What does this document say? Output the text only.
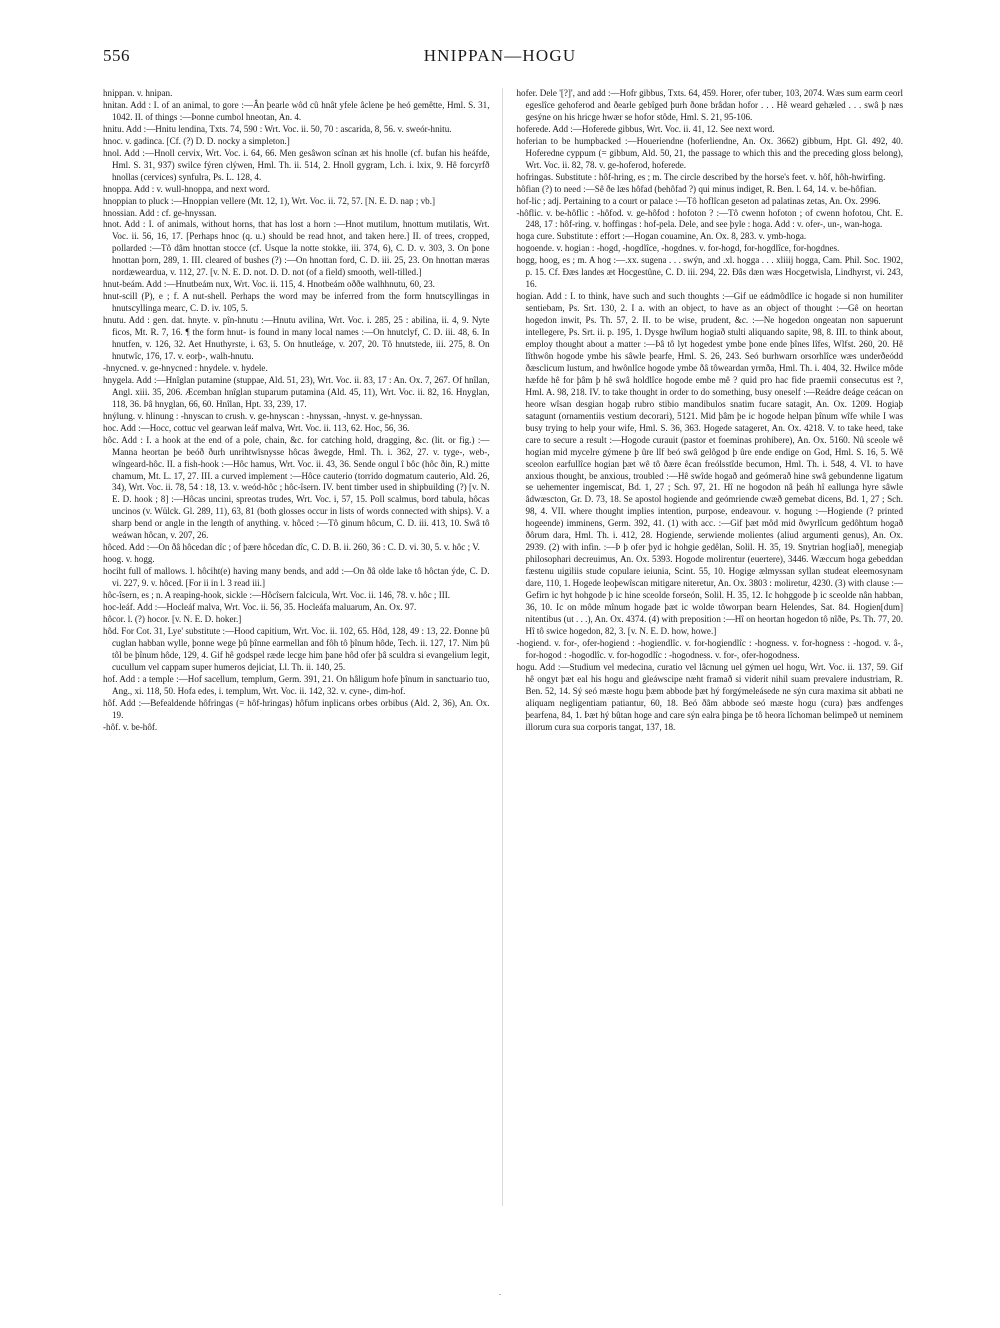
556	HNIPPAN—HOGU

hnippan. v. hnipan.

hnitan. Add : I. of an animal, to gore :—Ân þearle wôd cû hnât yfele âclene þe heó gemêtte, Hml. S. 31, 1042. II. of things :—Þonne cumbol hneotan, An. 4.

hnitu. Add :—Hnitu lendina, Txts. 74, 590 : Wrt. Voc. ii. 50, 70 : ascarida, 8, 56. v. sweór-hnitu.

hnoc. v. gadinca. [Cf. (?) D. D. nocky a simpleton.]

hnol. Add :—Hnoll cervix, Wrt. Voc. i. 64, 66. Men gesâwon scînan æt his hnolle (cf. bufan his heáfde, Hml. S. 31, 937) swilce fýren clýwen, Hml. Th. ii. 514, 2. Hnoll gygram, Lch. i. lxix, 9. Hê forcyrfð hnollas (cervices) synfulra, Ps. L. 128, 4.

hnoppa. Add : v. wull-hnoppa, and next word.

hnoppian to pluck :—Hnoppian vellere (Mt. 12, 1), Wrt. Voc. ii. 72, 57. [N. E. D. nap ; vb.]

hnossian. Add : cf. ge-hnyssan.

hnot. Add : I. of animals, without horns, that has lost a horn :—Hnot mutilum, hnottum mutilatis, Wrt. Voc. ii. 56, 16, 17. [Perhaps hnoc (q. u.) should be read hnot, and taken here.] II. of trees, cropped, pollarded :—Tô dâm hnottan stocce (cf. Usque la notte stokke, iii. 374, 6), C. D. v. 303, 3. On þone hnottan þorn, 289, 1. III. cleared of bushes (?) :—On hnottan ford, C. D. iii. 25, 23. On hnottan mæras nordæweardua, v. 112, 27. [v. N. E. D. not. D. D. not (of a field) smooth, well-tilled.]

hnut-beám. Add :—Hnutbeám nux, Wrt. Voc. ii. 115, 4. Hnotbeám oððe walhhnutu, 60, 23.

hnut-scill (P), e ; f. A nut-shell. Perhaps the word may be inferred from the form hnutscyllingas in hnutscyllinga mearc, C. D. iv. 105, 5.

hnutu. Add : gen. dat. hnyte. v. pîn-hnutu :—Hnutu avilina, Wrt. Voc. i. 285, 25 : abilina, ii. 4, 9. Nyte ficos, Mt. R. 7, 16. ¶ the form hnut- is found in many local names :—On hnutclyf, C. D. iii. 48, 6. In hnutfen, v. 126, 32. Aet Hnuthyrste, i. 63, 5. On hnutleáge, v. 207, 20. Tô hnutstede, iii. 275, 8. On hnutwîc, 176, 17. v. eorþ-, walh-hnutu.

-hnycned. v. ge-hnycned : hnydele. v. hydele.

hnygela. Add :—Hnîglan putamine (stuppae, Ald. 51, 23), Wrt. Voc. ii. 83, 17 : An. Ox. 7, 267. Of hnîlan, Angl. xiii. 35, 206. Æcemban hnîglan stuparum putamina (Ald. 45, 11), Wrt. Voc. ii. 82, 16. Hnyglan, 118, 36. Þâ hnyglan, 66, 60. Hnîlan, Hpt. 33, 239, 17.

hnýlung. v. hlinung : -hnyscan to crush. v. ge-hnyscan : -hnyssan, -hnyst. v. ge-hnyssan.

hoc. Add :—Hocc, cottuc vel gearwan leáf malva, Wrt. Voc. ii. 113, 62. Hoc, 56, 36.

hôc. Add : I. a hook at the end of a pole, chain, &c. for catching hold, dragging, &c. (lit. or fig.) :—Manna heortan þe beóð ðurh unrihtwîsnysse hôcas âwegde, Hml. Th. i. 362, 27. v. tyge-, web-, wîngeard-hôc. II. a fish-hook :—Hôc hamus, Wrt. Voc. ii. 43, 36. Sende ongul î bôc (hôc ðin, R.) mitte chamum, Mt. L. 17, 27. III. a curved implement :—Hôce cauterio (torrido dogmatum cauterio, Ald. 26, 34), Wrt. Voc. ii. 78, 54 : 18, 13. v. weód-hôc ; hôc-îsern. IV. bent timber used in shipbuilding (?) [v. N. E. D. hook ; 8] :—Hôcas uncini, spreotas trudes, Wrt. Voc. i, 57, 15. Poll scalmus, bord tabula, hôcas uncinos (v. Wülck. Gl. 289, 11), 63, 81 (both glosses occur in lists of words connected with ships). V. a sharp bend or angle in the length of anything. v. hôced :—Tô ginum hôcum, C. D. iii. 413, 10. Swâ tô weáwan hôcan, v. 207, 26.

hôced. Add :—On ðâ hôcedan dîc ; of þære hôcedan dîc, C. D. B. ii. 260, 36 : C. D. vi. 30, 5. v. hôc ; V.

hoog. v. hogg.

hociht full of mallows. l. hôciht(e) having many bends, and add :—On ðâ olde lake tô hôctan ýde, C. D. vi. 227, 9. v. hôced. [For ii in l. 3 read iii.]

hôc-îsern, es ; n. A reaping-hook, sickle :—Hôcîsern falcicula, Wrt. Voc. ii. 146, 78. v. hôc ; III.

hoc-leáf. Add :—Hocleáf malva, Wrt. Voc. ii. 56, 35. Hocleáfa maluarum, An. Ox. 97.

hôcor. l. (?) hocor. [v. N. E. D. hoker.]

hôd. For Cot. 31, Lye' substitute :—Hood capitium, Wrt. Voc. ii. 102, 65. Hôd, 128, 49 : 13, 22. Ðonne þû cuglan habban wylle, þonne wege þû þînne earmellan and fôh tô þînum hôde, Tech. ii. 127, 17. Nim þû tôl be þînum hôde, 129, 4. Gif hê godspel ræde lecge him þane hôd ofer þâ sculdra si evangelium legit, cucullum vel cappam super humeros dejiciat, Ll. Th. ii. 140, 25.

hof. Add : a temple :—Hof sacellum, templum, Germ. 391, 21. On hâligum hofe þînum in sanctuario tuo, Ang., xi. 118, 50. Hofa edes, i. templum, Wrt. Voc. ii. 142, 32. v. cyne-, dim-hof.

hôf. Add :—Befealdende hôfringas (= hôf-hringas) hôfum inplicans orbes orbibus (Ald. 2, 36), An. Ox. 19.

-hôf. v. be-hôf.

hofer. Dele '[?]', and add :—Hofr gibbus, Txts. 64, 459. Horer, ofer tuber, 103, 2074. Wæs sum earm ceorl egeslîce gehoferod and ðearle gebîged þurh ðone brâdan hofor . . . Hê weard gehæled . . . swâ þ næs gesýne on his hricge hwær se hofor stôde, Hml. S. 21, 95-106.

hoferede. Add :—Hoferede gibbus, Wrt. Voc. ii. 41, 12. See next word.

hoferian to be humpbacked :—Houeriendne (hoferliendne, An. Ox. 3662) gibbum, Hpt. Gl. 492, 40. Hoferedne cyppum (= gibbum, Ald. 50, 21, the passage to which this and the preceding gloss belong), Wrt. Voc. ii. 82, 78. v. ge-hoferod, hoferede.

hofringas. Substitute : hôf-hring, es ; m. The circle described by the horse's feet. v. hôf, hôh-hwirfing.

hôfian (?) to need :—Sê ðe læs hôfad (behôfad ?) qui minus indiget, R. Ben. l. 64, 14. v. be-hôfian.

hof-lic ; adj. Pertaining to a court or palace :—Tô hoflîcan geseton ad palatinas zetas, An. Ox. 2996.

-hôflic. v. be-hôflic : -hôfod. v. ge-hôfod : hofoton ? :—Tô cwenn hofoton ; of cwenn hofotou, Cht. E. 248, 17 : hôf-ring. v. hoffingas : hof-pela. Dele, and see þyle : hoga. Add : v. ofer-, un-, wan-hoga.

hoga cure. Substitute : effort :—Hogan couamine, An. Ox. 8, 283. v. ymb-hoga.

hogoende. v. hogian : -hogd, -hogdlîce, -hogdnes. v. for-hogd, for-hogdlîce, for-hogdnes.

hogg, hoog, es ; m. A hog :—.xx. sugena . . . swýn, and .xl. hogga . . . xliiij hogga, Cam. Phil. Soc. 1902, p. 15. Cf. Ðæs landes æt Hocgestûne, C. D. iii. 294, 22. Ðâs dæn wæs Hocgetwisla, Lindhyrst, vi. 243, 16.

hogian. Add : I. to think, have such and such thoughts :—Gif ue eádmôdlîce ic hogade si non humiliter sentiebam, Ps. Srt. 130, 2. I a. with an object, to have as an object of thought :—Gê on heortan hogedon inwit, Ps. Th. 57, 2. II. to be wise, prudent, &c. :—Ne hogedon ongeatan non sapuerunt intellegere, Ps. Srt. ii. p. 195, 1. Dysge hwîlum hogiað stulti aliquando sapite, 98, 8. III. to think about, employ thought about a matter :—Þâ tô lyt hogedest ymbe þone ende þînes lîfes, Wlfst. 260, 20. Hê lîthwôn hogode ymbe his sâwle þearfe, Hml. S. 26, 243. Seó burhwarn orsorhlîce wæs underðeódd ðæsclicum lustum, and hwônlîce hogode ymbe ðâ tôweardan yrmða, Hml. Th. i. 404, 32. Hwilce môde hæfde hê for þâm þ hê swâ holdlîce hogode embe mê ? quid pro hac fide praemii consecutus est ?, Hml. A. 98, 218. IV. to take thought in order to do something, busy oneself :—Reádre deáge ceácan on heore wîsan desgian hogaþ rubro stibio mandibulos snatim fucare satagit, An. Ox. 1209. Hogiaþ satagunt (ornamentiis vestium decorari), 5121. Mid þâm þe ic hogode helpan þînum wîfe while I was busy trying to help your wife, Hml. S. 36, 363. Hogede satageret, An. Ox. 4218. V. to take heed, take care to secure a result :—Hogode curauit (pastor et foeminas prohibere), An. Ox. 5160. Nû sceole wê hogian mid mycelre gýmene þ ûre lîf beó swâ gelôgod þ ûre ende endige on God, Hml. S. 16, 5. Wê sceolon earfullîce hogian þæt wê tô ðære êcan freólsstîde becumon, Hml. Th. i. 548, 4. VI. to have anxious thought, be anxious, troubled :—Hê swîde hogað and geómerað hine swâ gebundenne ligatum se uehementer ingemiscat, Bd. 1, 27 ; Sch. 97, 21. Hî ne hogodon nâ þeáh hî eallunga hyre sâwle âdwæscton, Gr. D. 73, 18. Se apostol hogiende and geómriende cwæð gemebat dicens, Bd. 1, 27 ; Sch. 98, 4. VII. where thought implies intention, purpose, endeavour. v. hogung :—Hogiende (? printed hogeende) imminens, Germ. 392, 41. (1) with acc. :—Gif þæt môd mid ðwyrlîcum gedôhtum hogað ðôrum dara, Hml. Th. i. 412, 28. Hogiende, serwiende molientes (aliud argumenti genus), An. Ox. 2939. (2) with infin. :—Þ þ ofer þyd ic hohgie gedêlan, Solil. H. 35, 19. Snytrian hog[iað], menegiaþ philosophari decreuimus, An. Ox. 5393. Hogode molirentur (euertere), 3446. Wæccum hoga gebeddan fæstenu uigiliis stude copulare ieiunia, Scint. 55, 10. Hogige ælmyssan syllan studeat eleemosynam dare, 110, 1. Hogede leoþewîscan mitigare niteretur, An. Ox. 3803 : moliretur, 4230. (3) with clause :—Gefirn ic hyt hohgode þ ic hine sceolde forseón, Solil. H. 35, 12. Ic hohggode þ ic sceolde nân habban, 36, 10. Ic on môde mînum hogade þæt ic wolde tôworpan bearn Helendes, Sat. 84. Hogien[dum] nitentibus (ut . . .), An. Ox. 4374. (4) with preposition :—Hî on heortan hogedon tô nîðe, Ps. Th. 77, 20. Hî tô swice hogedon, 82, 3. [v. N. E. D. how, howe.]

-hogiend. v. for-, ofer-hogiend : -hogiendlîc. v. for-hogiendlîc : -hogness. v. for-hogness : -hogod. v. â-, for-hogod : -hogodlîc. v. for-hogodlîc : -hogodness. v. for-, ofer-hogodness.

hogu. Add :—Studium vel medecina, curatio vel lâcnung uel gýmen uel hogu, Wrt. Voc. ii. 137, 59. Gif hê ongyt þæt eal his hogu and gleáwscipe næht framað si viderit nihil suam prevalere industriam, R. Ben. 52, 14. Sý seó mæste hogu þæm abbode þæt hý forgýmeleásede ne sýn cura maxima sit abbati ne aliquam negligentiam patiantur, 60, 18. Beó ðâm abbode seó mæste hogu (cura) þæs andfenges þearfena, 84, 1. Þæt hý bûtan hoge and care sýn ealra þinga þe tô heora lîchoman belimpeð ut neminem illorum cura sua corporis tangat, 137, 18.

.
